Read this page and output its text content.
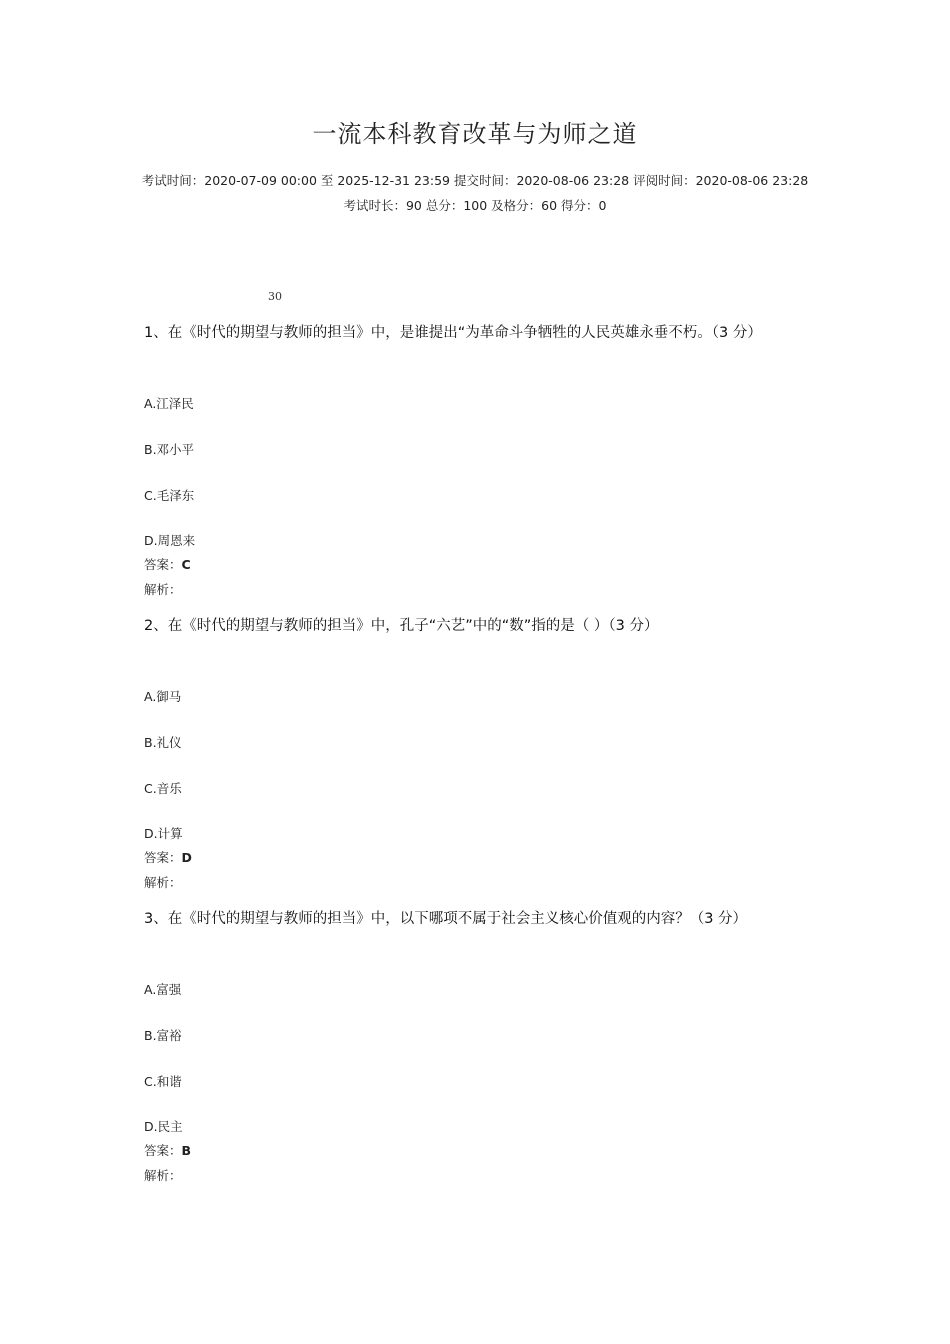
一流本科教育改革与为师之道
考试时间：2020-07-09 00:00 至 2025-12-31 23:59 提交时间：2020-08-06 23:28 评阅时间：2020-08-06 23:28
考试时长：90 总分：100 及格分：60 得分：0
30
1、在《时代的期望与教师的担当》中，是谁提出“为革命斗争牺牲的人民英雄永垂不朽。（3 分）
A.江泽民
B.邓小平
C.毛泽东
D.周恩来
答案：C
解析：
2、在《时代的期望与教师的担当》中，孔子“六艺”中的“数”指的是（ ）（3 分）
A.御马
B.礼仪
C.音乐
D.计算
答案：D
解析：
3、在《时代的期望与教师的担当》中，以下哪项不属于社会主义核心价值观的内容？（3 分）
A.富强
B.富裕
C.和谐
D.民主
答案：B
解析：
